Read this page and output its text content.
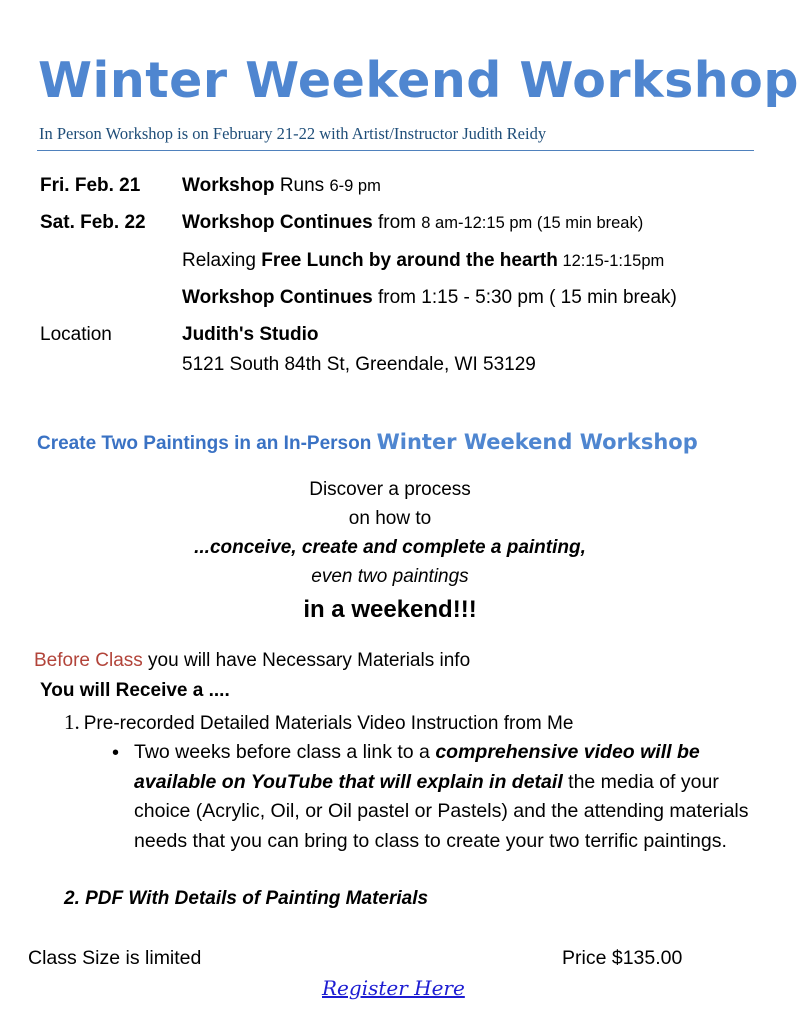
Winter Weekend Workshop
In Person Workshop is on February 21-22 with Artist/Instructor Judith Reidy
Fri. Feb. 21 Workshop Runs 6-9 pm
Sat. Feb. 22 Workshop Continues from 8 am-12:15 pm (15 min break)
Relaxing Free Lunch by around the hearth 12:15-1:15pm
Workshop Continues from 1:15 - 5:30 pm ( 15 min break)
Location	Judith's Studio
5121 South 84th St, Greendale, WI 53129
Create Two Paintings in an In-Person Winter Weekend Workshop
Discover a process
on how to
...conceive, create and complete a painting,
even two paintings
in a weekend!!!
Before Class you will have Necessary Materials info
You will Receive a ....
1. Pre-recorded Detailed Materials Video Instruction from Me
• Two weeks before class a link to a comprehensive video will be available on YouTube that will explain in detail the media of your choice (Acrylic, Oil, or Oil pastel or Pastels) and the attending materials needs that you can bring to class to create your two terrific paintings.
2. PDF With Details of Painting Materials
Class Size is limited	Price $135.00
Register Here
